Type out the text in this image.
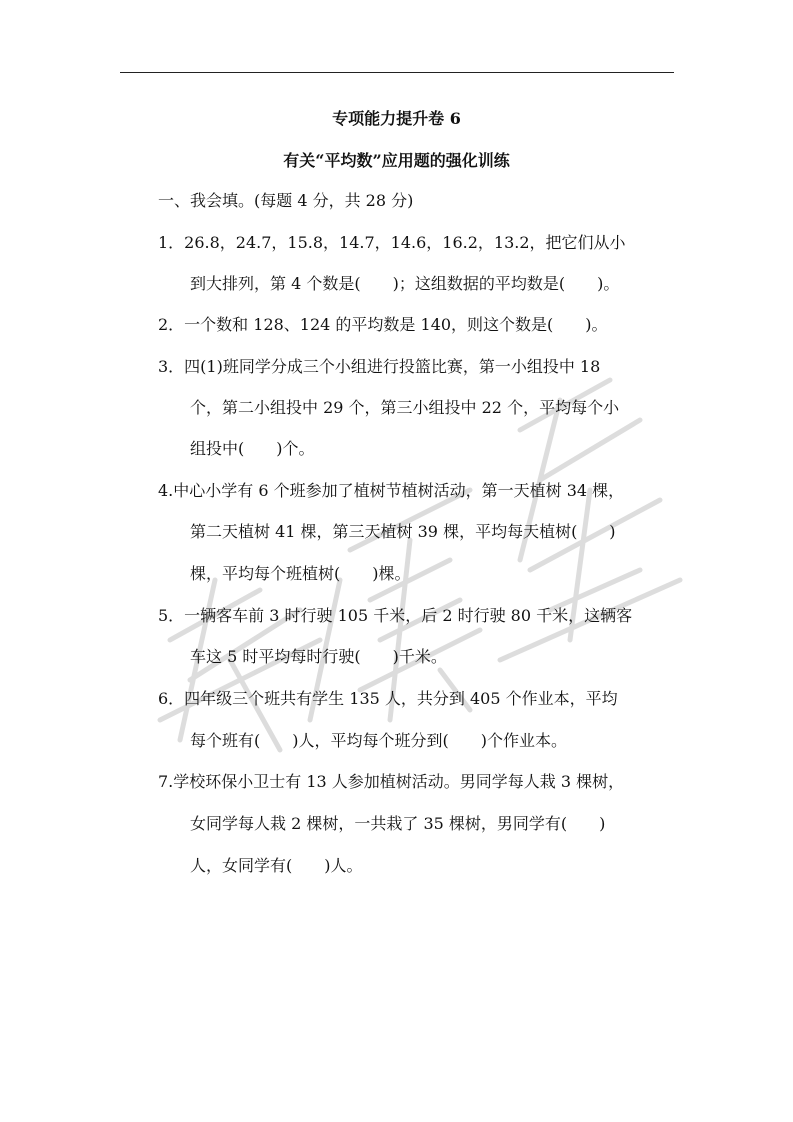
专项能力提升卷 6
有关“平均数”应用题的强化训练
一、我会填。(每题 4 分，共 28 分)
1．26.8，24.7，15.8，14.7，14.6，16.2，13.2，把它们从小
到大排列，第 4 个数是(　　)；这组数据的平均数是(　　)。
2．一个数和 128、124 的平均数是 140，则这个数是(　　)。
3．四(1)班同学分成三个小组进行投篮比赛，第一小组投中 18
个，第二小组投中 29 个，第三小组投中 22 个，平均每个小
组投中(　　)个。
4.中心小学有 6 个班参加了植树节植树活动，第一天植树 34 棵，
第二天植树 41 棵，第三天植树 39 棵，平均每天植树(　　)
棵，平均每个班植树(　　)棵。
5．一辆客车前 3 时行驶 105 千米，后 2 时行驶 80 千米，这辆客
车这 5 时平均每时行驶(　　)千米。
6．四年级三个班共有学生 135 人，共分到 405 个作业本，平均
每个班有(　　)人，平均每个班分到(　　)个作业本。
7.学校环保小卫士有 13 人参加植树活动。男同学每人栽 3 棵树，
女同学每人栽 2 棵树，一共栽了 35 棵树，男同学有(　　)
人，女同学有(　　)人。
